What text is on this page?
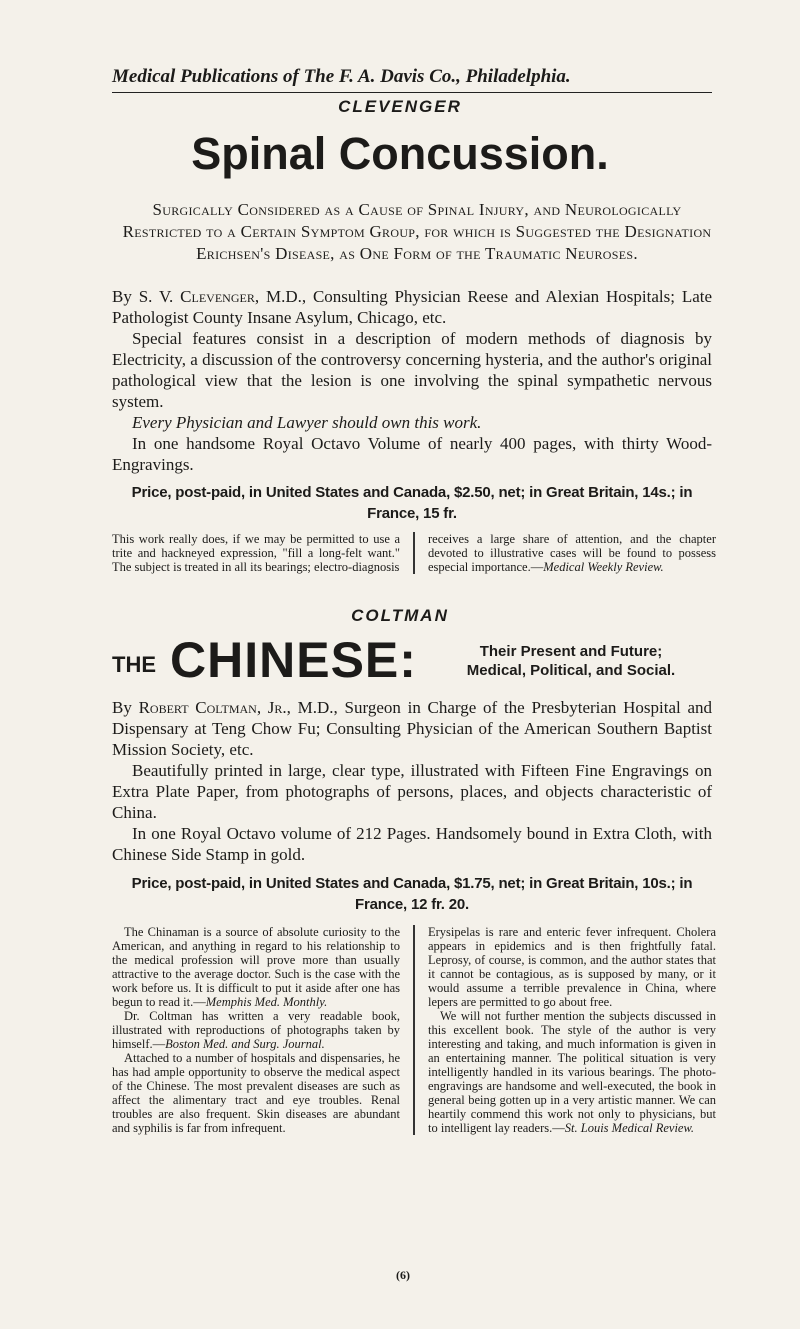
Medical Publications of The F. A. Davis Co., Philadelphia.
CLEVENGER
Spinal Concussion.
Surgically Considered as a Cause of Spinal Injury, and Neurologically Restricted to a Certain Symptom Group, for which is Suggested the Designation Erichsen's Disease, as One Form of the Traumatic Neuroses.
By S. V. Clevenger, M.D., Consulting Physician Reese and Alexian Hospitals; Late Pathologist County Insane Asylum, Chicago, etc.
Special features consist in a description of modern methods of diagnosis by Electricity, a discussion of the controversy concerning hysteria, and the author's original pathological view that the lesion is one involving the spinal sympathetic nervous system.
Every Physician and Lawyer should own this work.
In one handsome Royal Octavo Volume of nearly 400 pages, with thirty Wood-Engravings.
Price, post-paid, in United States and Canada, $2.50, net; in Great Britain, 14s.; in France, 15 fr.
This work really does, if we may be permitted to use a trite and hackneyed expression, "fill a long-felt want." The subject is treated in all its bearings; electro-diagnosis
receives a large share of attention, and the chapter devoted to illustrative cases will be found to possess especial importance.—Medical Weekly Review.
COLTMAN
THE CHINESE:	Their Present and Future;
Medical, Political, and Social.
By Robert Coltman, Jr., M.D., Surgeon in Charge of the Presbyterian Hospital and Dispensary at Teng Chow Fu; Consulting Physician of the American Southern Baptist Mission Society, etc.
Beautifully printed in large, clear type, illustrated with Fifteen Fine Engravings on Extra Plate Paper, from photographs of persons, places, and objects characteristic of China.
In one Royal Octavo volume of 212 Pages. Handsomely bound in Extra Cloth, with Chinese Side Stamp in gold.
Price, post-paid, in United States and Canada, $1.75, net; in Great Britain, 10s.; in France, 12 fr. 20.
The Chinaman is a source of absolute curiosity to the American, and anything in regard to his relationship to the medical profession will prove more than usually attractive to the average doctor. Such is the case with the work before us. It is difficult to put it aside after one has begun to read it.—Memphis Med. Monthly.
Dr. Coltman has written a very readable book, illustrated with reproductions of photographs taken by himself.—Boston Med. and Surg. Journal.
Attached to a number of hospitals and dispensaries, he has had ample opportunity to observe the medical aspect of the Chinese. The most prevalent diseases are such as affect the alimentary tract and eye troubles. Renal troubles are also frequent. Skin diseases are abundant and syphilis is far from infrequent.
Erysipelas is rare and enteric fever infrequent. Cholera appears in epidemics and is then frightfully fatal. Leprosy, of course, is common, and the author states that it cannot be contagious, as is supposed by many, or it would assume a terrible prevalence in China, where lepers are permitted to go about free.
We will not further mention the subjects discussed in this excellent book. The style of the author is very interesting and taking, and much information is given in an entertaining manner. The political situation is very intelligently handled in its various bearings. The photo-engravings are handsome and well-executed, the book in general being gotten up in a very artistic manner. We can heartily commend this work not only to physicians, but to intelligent lay readers.—St. Louis Medical Review.
(6)
